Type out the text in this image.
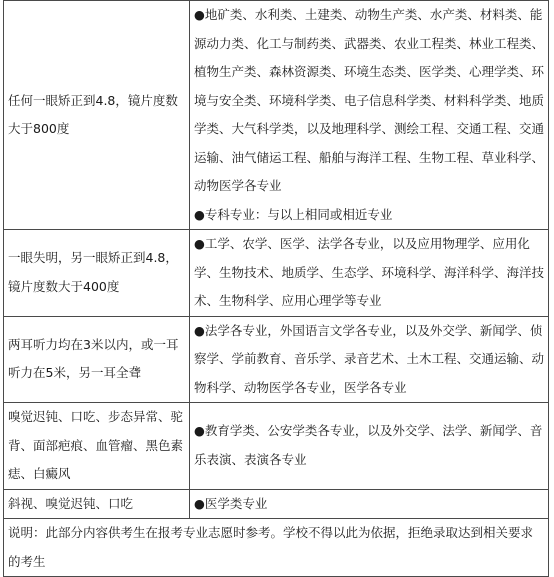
任何一眼矫正到4.8，镜片度数大于800度	●地矿类、水利类、土建类、动物生产类、水产类、材料类、能源动力类、化工与制药类、武器类、农业工程类、林业工程类、植物生产类、森林资源类、环境生态类、医学类、心理学类、环境与安全类、环境科学类、电子信息科学类、材料科学类、地质学类、大气科学类，以及地理科学、测绘工程、交通工程、交通运输、油气储运工程、船舶与海洋工程、生物工程、草业科学、动物医学各专业
●专科专业：与以上相同或相近专业

一眼失明，另一眼矫正到4.8，镜片度数大于400度	●工学、农学、医学、法学各专业，以及应用物理学、应用化学、生物技术、地质学、生态学、环境科学、海洋科学、海洋技术、生物科学、应用心理学等专业

两耳听力均在3米以内，或一耳听力在5米，另一耳全聋	●法学各专业，外国语言文学各专业，以及外交学、新闻学、侦察学、学前教育、音乐学、录音艺术、土木工程、交通运输、动物科学、动物医学各专业，医学各专业

嗅觉迟钝、口吃、步态异常、驼背、面部疤痕、血管瘤、黑色素痣、白癜风	●教育学类、公安学类各专业，以及外交学、法学、新闻学、音乐表演、表演各专业

斜视、嗅觉迟钝、口吃	●医学类专业

说明：此部分内容供考生在报考专业志愿时参考。学校不得以此为依据，拒绝录取达到相关要求的考生	
